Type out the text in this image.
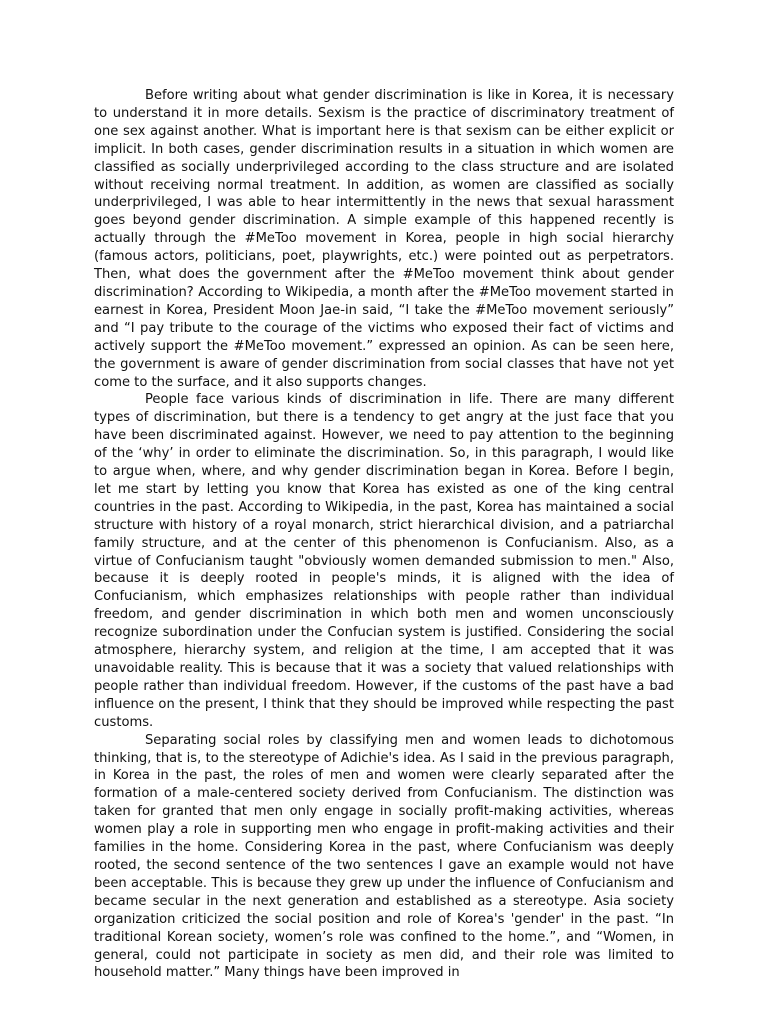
Before writing about what gender discrimination is like in Korea, it is necessary to understand it in more details. Sexism is the practice of discriminatory treatment of one sex against another. What is important here is that sexism can be either explicit or implicit. In both cases, gender discrimination results in a situation in which women are classified as socially underprivileged according to the class structure and are isolated without receiving normal treatment. In addition, as women are classified as socially underprivileged, I was able to hear intermittently in the news that sexual harassment goes beyond gender discrimination. A simple example of this happened recently is actually through the #MeToo movement in Korea, people in high social hierarchy (famous actors, politicians, poet, playwrights, etc.) were pointed out as perpetrators. Then, what does the government after the #MeToo movement think about gender discrimination? According to Wikipedia, a month after the #MeToo movement started in earnest in Korea, President Moon Jae-in said, “I take the #MeToo movement seriously” and “I pay tribute to the courage of the victims who exposed their fact of victims and actively support the #MeToo movement.” expressed an opinion. As can be seen here, the government is aware of gender discrimination from social classes that have not yet come to the surface, and it also supports changes.

People face various kinds of discrimination in life. There are many different types of discrimination, but there is a tendency to get angry at the just face that you have been discriminated against. However, we need to pay attention to the beginning of the ‘why’ in order to eliminate the discrimination. So, in this paragraph, I would like to argue when, where, and why gender discrimination began in Korea. Before I begin, let me start by letting you know that Korea has existed as one of the king central countries in the past. According to Wikipedia, in the past, Korea has maintained a social structure with history of a royal monarch, strict hierarchical division, and a patriarchal family structure, and at the center of this phenomenon is Confucianism. Also, as a virtue of Confucianism taught "obviously women demanded submission to men." Also, because it is deeply rooted in people's minds, it is aligned with the idea of Confucianism, which emphasizes relationships with people rather than individual freedom, and gender discrimination in which both men and women unconsciously recognize subordination under the Confucian system is justified. Considering the social atmosphere, hierarchy system, and religion at the time, I am accepted that it was unavoidable reality. This is because that it was a society that valued relationships with people rather than individual freedom. However, if the customs of the past have a bad influence on the present, I think that they should be improved while respecting the past customs.

Separating social roles by classifying men and women leads to dichotomous thinking, that is, to the stereotype of Adichie's idea. As I said in the previous paragraph, in Korea in the past, the roles of men and women were clearly separated after the formation of a male-centered society derived from Confucianism. The distinction was taken for granted that men only engage in socially profit-making activities, whereas women play a role in supporting men who engage in profit-making activities and their families in the home. Considering Korea in the past, where Confucianism was deeply rooted, the second sentence of the two sentences I gave an example would not have been acceptable. This is because they grew up under the influence of Confucianism and became secular in the next generation and established as a stereotype. Asia society organization criticized the social position and role of Korea's 'gender' in the past. “In traditional Korean society, women’s role was confined to the home.”, and “Women, in general, could not participate in society as men did, and their role was limited to household matter.” Many things have been improved in
